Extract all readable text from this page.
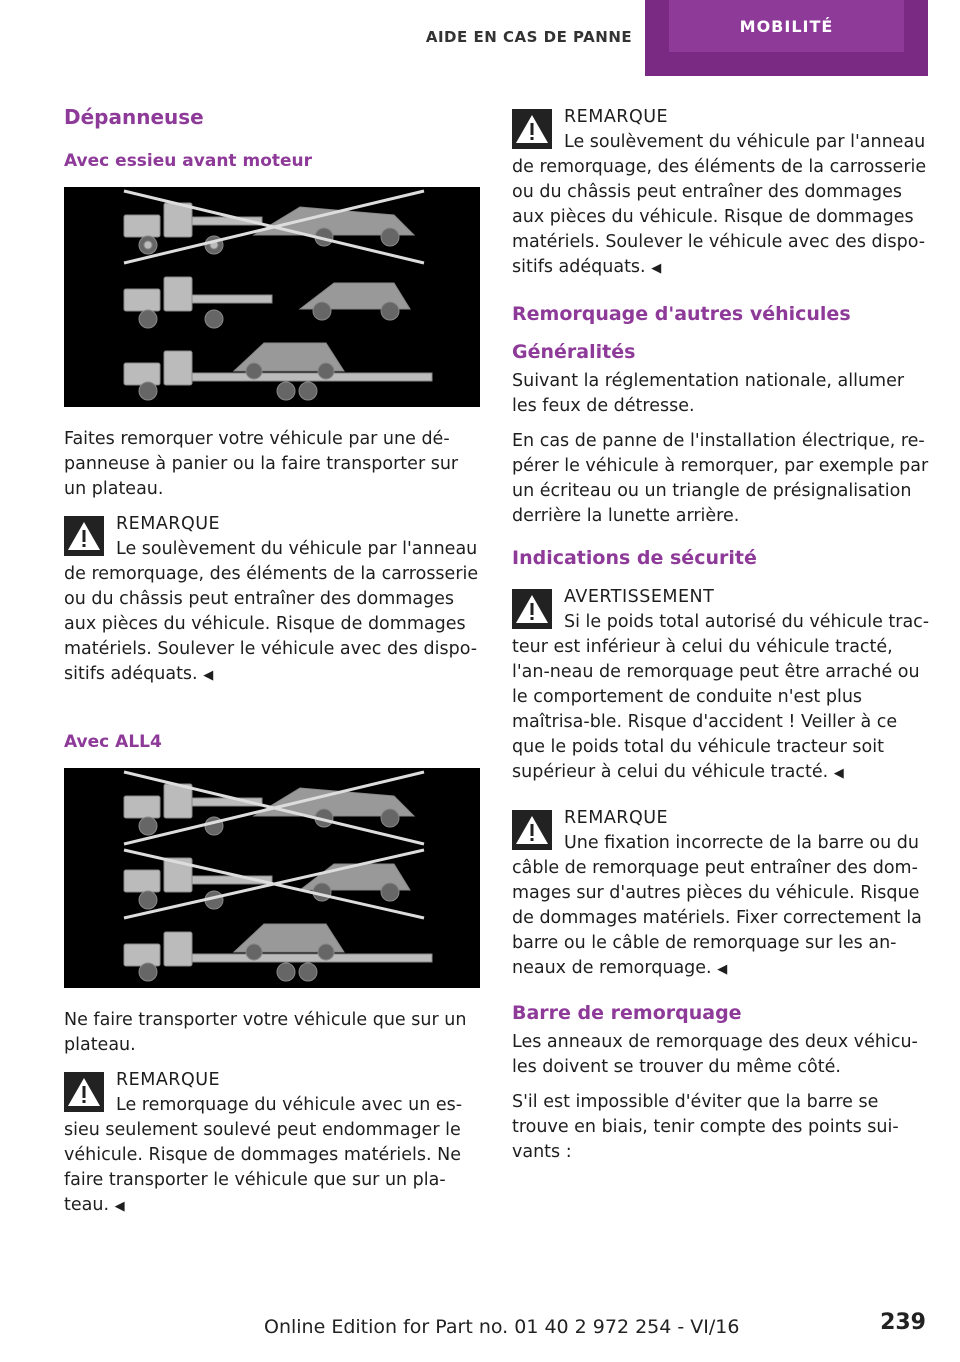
AIDE EN CAS DE PANNE
MOBILITÉ
Dépanneuse
Avec essieu avant moteur

Faites remorquer votre véhicule par une dé-panneuse à panier ou la faire transporter sur un plateau.

REMARQUE
Le soulèvement du véhicule par l'anneau de remorquage, des éléments de la carrosserie ou du châssis peut entraîner des dommages aux pièces du véhicule. Risque de dommages matériels. Soulever le véhicule avec des dispo-sitifs adéquats. ◀
Avec ALL4

Ne faire transporter votre véhicule que sur un plateau.

REMARQUE
Le remorquage du véhicule avec un es-sieu seulement soulevé peut endommager le véhicule. Risque de dommages matériels. Ne faire transporter le véhicule que sur un pla-teau. ◀
REMARQUE
Le soulèvement du véhicule par l'anneau de remorquage, des éléments de la carrosserie ou du châssis peut entraîner des dommages aux pièces du véhicule. Risque de dommages matériels. Soulever le véhicule avec des dispo-sitifs adéquats. ◀
Remorquage d'autres véhicules
Généralités

Suivant la réglementation nationale, allumer les feux de détresse.

En cas de panne de l'installation électrique, re-pérer le véhicule à remorquer, par exemple par un écriteau ou un triangle de présignalisation derrière la lunette arrière.

Indications de sécurité
AVERTISSEMENT
Si le poids total autorisé du véhicule trac-teur est inférieur à celui du véhicule tracté, l'an-neau de remorquage peut être arraché ou le comportement de conduite n'est plus maîtrisa-ble. Risque d'accident ! Veiller à ce que le poids total du véhicule tracteur soit supérieur à celui du véhicule tracté. ◀
REMARQUE
Une fixation incorrecte de la barre ou du câble de remorquage peut entraîner des dom-mages sur d'autres pièces du véhicule. Risque de dommages matériels. Fixer correctement la barre ou le câble de remorquage sur les an-neaux de remorquage. ◀
Barre de remorquage

Les anneaux de remorquage des deux véhicu-les doivent se trouver du même côté.

S'il est impossible d'éviter que la barre se trouve en biais, tenir compte des points sui-vants :

Online Edition for Part no. 01 40 2 972 254 - VI/16	239
